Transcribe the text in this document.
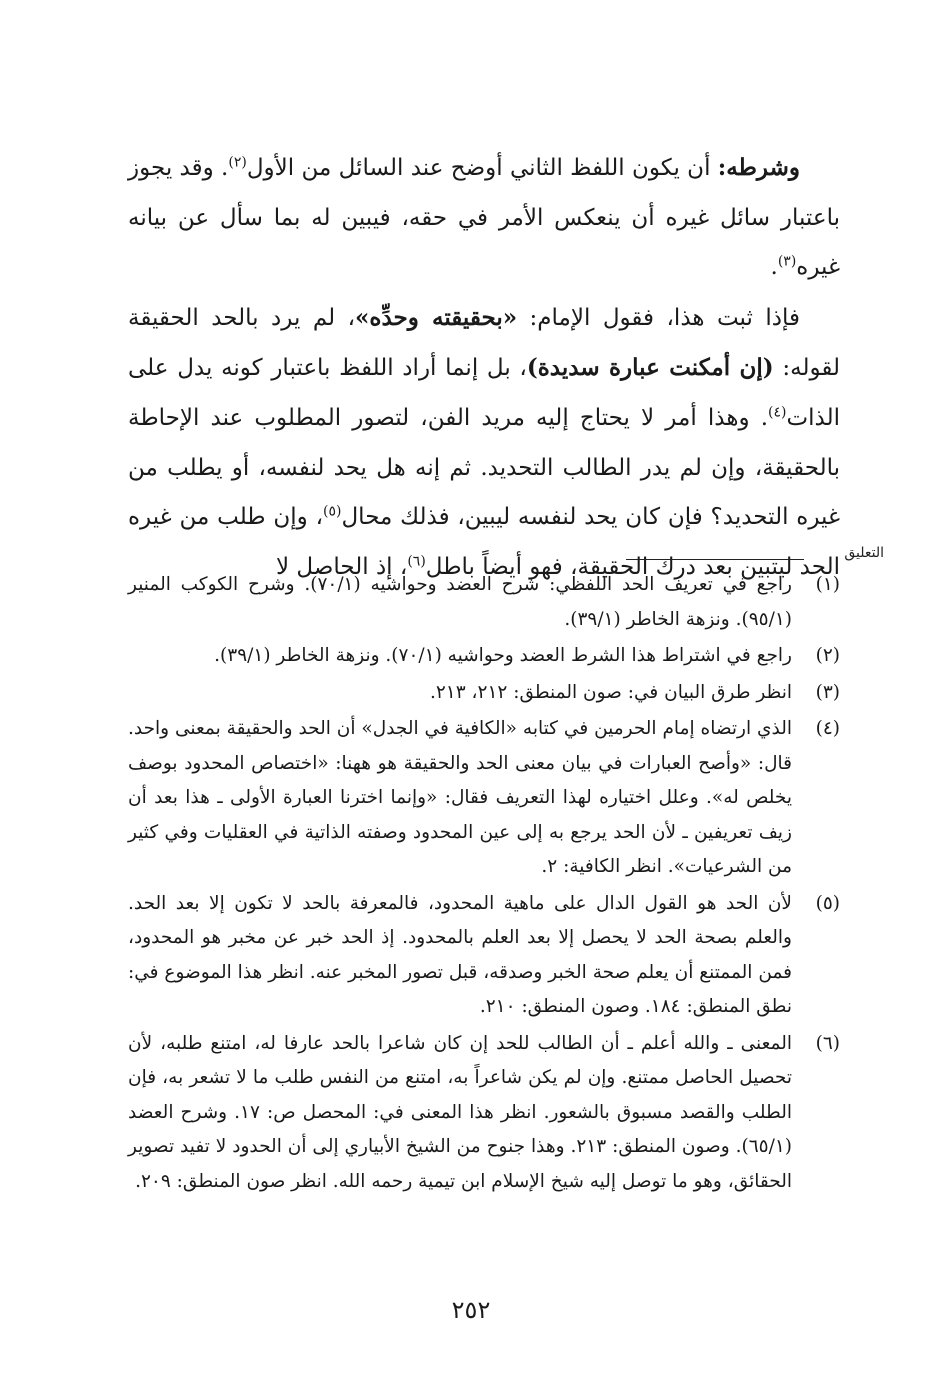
وشرطه: أن يكون اللفظ الثاني أوضح عند السائل من الأول$^{(٢)}$. وقد يجوز باعتبار سائل غيره أن ينعكس الأمر في حقه، فيبين له بما سأل عن بيانه غيره$^{(٣)}$.

فإذا ثبت هذا، فقول الإمام: «بحقيقته وحدِّه»، لم يرد بالحد الحقيقة لقوله: (إن أمكنت عبارة سديدة)، بل إنما أراد اللفظ باعتبار كونه يدل على الذات$^{(٤)}$. وهذا أمر لا يحتاج إليه مريد الفن، لتصور المطلوب عند الإحاطة بالحقيقة، وإن لم يدر الطالب التحديد. ثم إنه هل يحد لنفسه، أو يطلب من غيره التحديد؟ فإن كان يحد لنفسه ليبين، فذلك محال$^{(٥)}$، وإن طلب من غيره الحد ليتبين بعد درك الحقيقة، فهو أيضاً باطل$^{(٦)}$، إذ الحاصل لا

التعليق
(١)
راجع في تعريف الحد اللفظي: شرح العضد وحواشيه (٧٠/١). وشرح الكوكب المنير (٩٥/١). ونزهة الخاطر (٣٩/١).
(٢)
راجع في اشتراط هذا الشرط العضد وحواشيه (٧٠/١). ونزهة الخاطر (٣٩/١).
(٣)
انظر طرق البيان في: صون المنطق: ٢١٢، ٢١٣.
(٤)
الذي ارتضاه إمام الحرمين في كتابه «الكافية في الجدل» أن الحد والحقيقة بمعنى واحد. قال: «وأصح العبارات في بيان معنى الحد والحقيقة هو ههنا: «اختصاص المحدود بوصف يخلص له». وعلل اختياره لهذا التعريف فقال: «وإنما اخترنا العبارة الأولى ـ هذا بعد أن زيف تعريفين ـ لأن الحد يرجع به إلى عين المحدود وصفته الذاتية في العقليات وفي كثير من الشرعيات». انظر الكافية: ٢.
(٥)
لأن الحد هو القول الدال على ماهية المحدود، فالمعرفة بالحد لا تكون إلا بعد الحد. والعلم بصحة الحد لا يحصل إلا بعد العلم بالمحدود. إذ الحد خبر عن مخبر هو المحدود، فمن الممتنع أن يعلم صحة الخبر وصدقه، قبل تصور المخبر عنه. انظر هذا الموضوع في: نطق المنطق: ١٨٤. وصون المنطق: ٢١٠.
(٦)
المعنى ـ والله أعلم ـ أن الطالب للحد إن كان شاعرا بالحد عارفا له، امتنع طلبه، لأن تحصيل الحاصل ممتنع. وإن لم يكن شاعراً به، امتنع من النفس طلب ما لا تشعر به، فإن الطلب والقصد مسبوق بالشعور. انظر هذا المعنى في: المحصل ص: ١٧. وشرح العضد (٦٥/١). وصون المنطق: ٢١٣. وهذا جنوح من الشيخ الأبياري إلى أن الحدود لا تفيد تصوير الحقائق، وهو ما توصل إليه شيخ الإسلام ابن تيمية رحمه الله. انظر صون المنطق: ٢٠٩.
٢٥٢
